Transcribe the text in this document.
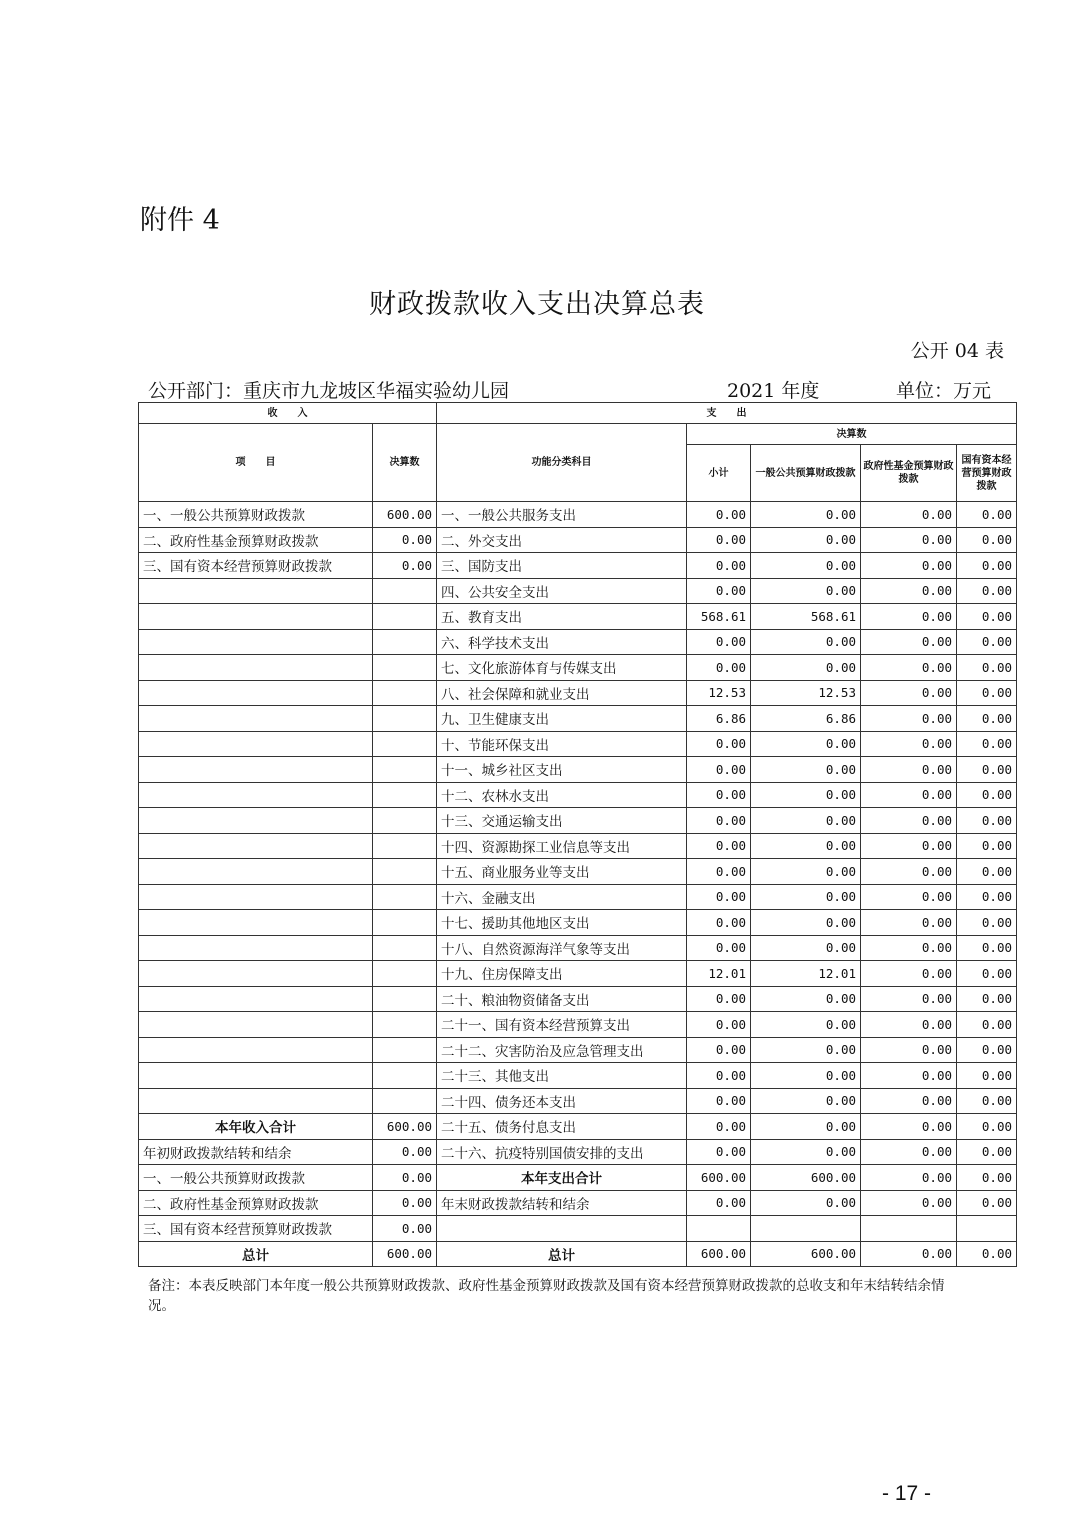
附件 4
财政拨款收入支出决算总表
公开 04 表
公开部门：重庆市九龙坡区华福实验幼儿园	2021 年度	单位：万元
收　　入		支　　出				
项　　目	决算数	功能分类科目	决算数			
			小计	一般公共预算财政拨款	政府性基金预算财政拨款	国有资本经营预算财政拨款
一、一般公共预算财政拨款	600.00	一、一般公共服务支出	0.00	0.00	0.00	0.00
二、政府性基金预算财政拨款	0.00	二、外交支出	0.00	0.00	0.00	0.00
三、国有资本经营预算财政拨款	0.00	三、国防支出	0.00	0.00	0.00	0.00
		四、公共安全支出	0.00	0.00	0.00	0.00
		五、教育支出	568.61	568.61	0.00	0.00
		六、科学技术支出	0.00	0.00	0.00	0.00
		七、文化旅游体育与传媒支出	0.00	0.00	0.00	0.00
		八、社会保障和就业支出	12.53	12.53	0.00	0.00
		九、卫生健康支出	6.86	6.86	0.00	0.00
		十、节能环保支出	0.00	0.00	0.00	0.00
		十一、城乡社区支出	0.00	0.00	0.00	0.00
		十二、农林水支出	0.00	0.00	0.00	0.00
		十三、交通运输支出	0.00	0.00	0.00	0.00
		十四、资源勘探工业信息等支出	0.00	0.00	0.00	0.00
		十五、商业服务业等支出	0.00	0.00	0.00	0.00
		十六、金融支出	0.00	0.00	0.00	0.00
		十七、援助其他地区支出	0.00	0.00	0.00	0.00
		十八、自然资源海洋气象等支出	0.00	0.00	0.00	0.00
		十九、住房保障支出	12.01	12.01	0.00	0.00
		二十、粮油物资储备支出	0.00	0.00	0.00	0.00
		二十一、国有资本经营预算支出	0.00	0.00	0.00	0.00
		二十二、灾害防治及应急管理支出	0.00	0.00	0.00	0.00
		二十三、其他支出	0.00	0.00	0.00	0.00
		二十四、债务还本支出	0.00	0.00	0.00	0.00
本年收入合计	600.00	二十五、债务付息支出	0.00	0.00	0.00	0.00
年初财政拨款结转和结余	0.00	二十六、抗疫特别国债安排的支出	0.00	0.00	0.00	0.00
一、一般公共预算财政拨款	0.00	本年支出合计	600.00	600.00	0.00	0.00
二、政府性基金预算财政拨款	0.00	年末财政拨款结转和结余	0.00	0.00	0.00	0.00
三、国有资本经营预算财政拨款	0.00					
总计	600.00	总计	600.00	600.00	0.00	0.00
备注：本表反映部门本年度一般公共预算财政拨款、政府性基金预算财政拨款及国有资本经营预算财政拨款的总收支和年末结转结余情况。
- 17 -
